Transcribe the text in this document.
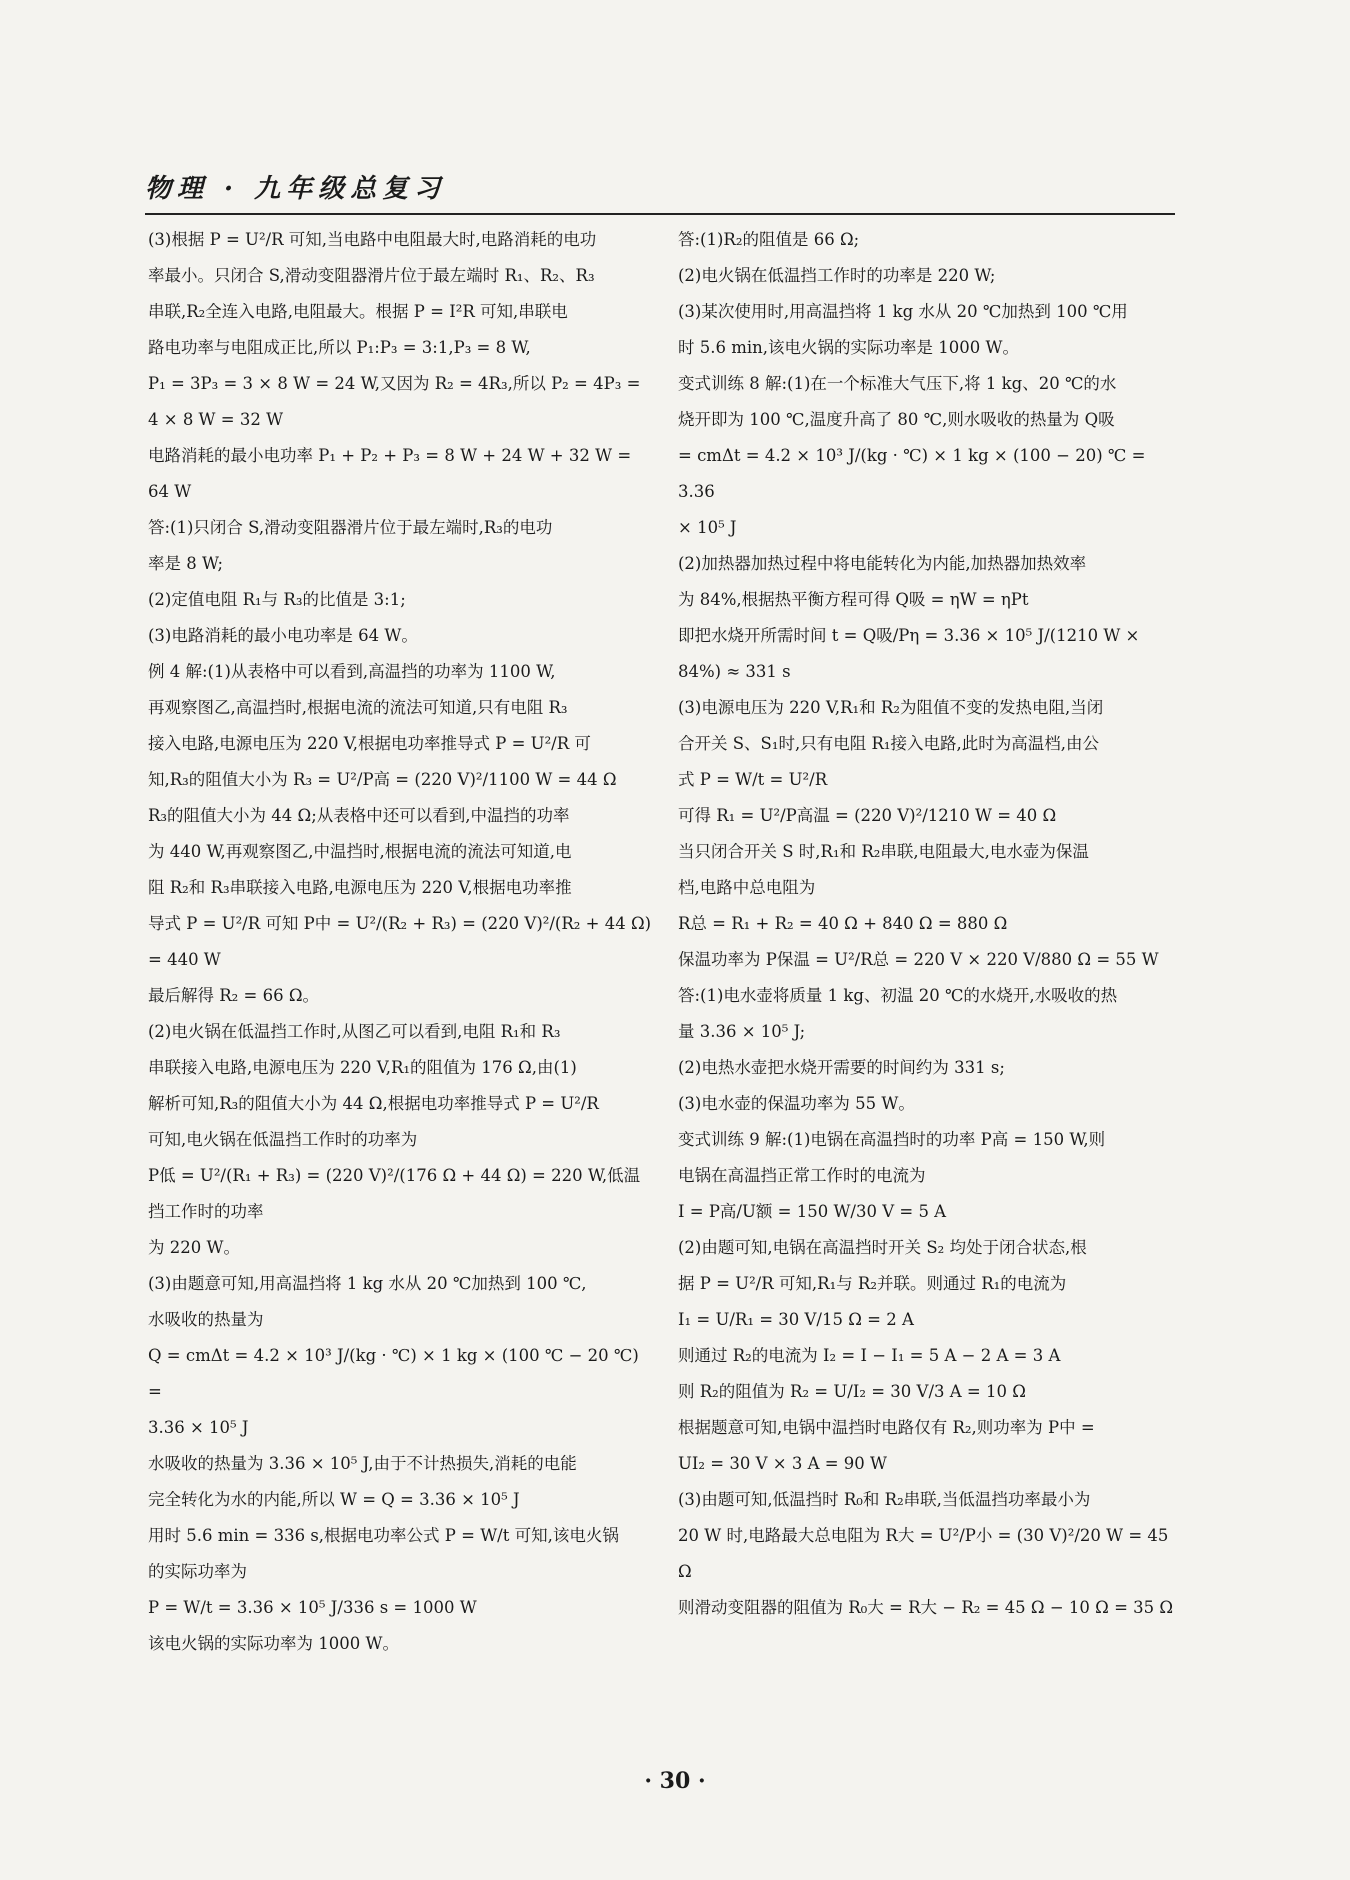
物理 · 九年级总复习

(3)根据 P = U²/R 可知,当电路中电阻最大时,电路消耗的电功

率最小。只闭合 S,滑动变阻器滑片位于最左端时 R₁、R₂、R₃

串联,R₂全连入电路,电阻最大。根据 P = I²R 可知,串联电

路电功率与电阻成正比,所以 P₁:P₃ = 3:1,P₃ = 8 W,

P₁ = 3P₃ = 3 × 8 W = 24 W,又因为 R₂ = 4R₃,所以 P₂ = 4P₃ =

4 × 8 W = 32 W

电路消耗的最小电功率 P₁ + P₂ + P₃ = 8 W + 24 W + 32 W =

64 W

答:(1)只闭合 S,滑动变阻器滑片位于最左端时,R₃的电功

率是 8 W;

(2)定值电阻 R₁与 R₃的比值是 3:1;

(3)电路消耗的最小电功率是 64 W。

例 4 解:(1)从表格中可以看到,高温挡的功率为 1100 W,

再观察图乙,高温挡时,根据电流的流法可知道,只有电阻 R₃

接入电路,电源电压为 220 V,根据电功率推导式 P = U²/R 可

知,R₃的阻值大小为 R₃ = U²/P高 = (220 V)²/1100 W = 44 Ω

R₃的阻值大小为 44 Ω;从表格中还可以看到,中温挡的功率

为 440 W,再观察图乙,中温挡时,根据电流的流法可知道,电

阻 R₂和 R₃串联接入电路,电源电压为 220 V,根据电功率推

导式 P = U²/R 可知 P中 = U²/(R₂ + R₃) = (220 V)²/(R₂ + 44 Ω) = 440 W

最后解得 R₂ = 66 Ω。

(2)电火锅在低温挡工作时,从图乙可以看到,电阻 R₁和 R₃

串联接入电路,电源电压为 220 V,R₁的阻值为 176 Ω,由(1)

解析可知,R₃的阻值大小为 44 Ω,根据电功率推导式 P = U²/R

可知,电火锅在低温挡工作时的功率为

P低 = U²/(R₁ + R₃) = (220 V)²/(176 Ω + 44 Ω) = 220 W,低温挡工作时的功率

为 220 W。

(3)由题意可知,用高温挡将 1 kg 水从 20 ℃加热到 100 ℃,

水吸收的热量为

Q = cmΔt = 4.2 × 10³ J/(kg · ℃) × 1 kg × (100 ℃ − 20 ℃) =

3.36 × 10⁵ J

水吸收的热量为 3.36 × 10⁵ J,由于不计热损失,消耗的电能

完全转化为水的内能,所以 W = Q = 3.36 × 10⁵ J

用时 5.6 min = 336 s,根据电功率公式 P = W/t 可知,该电火锅

的实际功率为

P = W/t = 3.36 × 10⁵ J/336 s = 1000 W

该电火锅的实际功率为 1000 W。

答:(1)R₂的阻值是 66 Ω;

(2)电火锅在低温挡工作时的功率是 220 W;

(3)某次使用时,用高温挡将 1 kg 水从 20 ℃加热到 100 ℃用

时 5.6 min,该电火锅的实际功率是 1000 W。

变式训练 8 解:(1)在一个标准大气压下,将 1 kg、20 ℃的水

烧开即为 100 ℃,温度升高了 80 ℃,则水吸收的热量为 Q吸

= cmΔt = 4.2 × 10³ J/(kg · ℃) × 1 kg × (100 − 20) ℃ = 3.36

× 10⁵ J

(2)加热器加热过程中将电能转化为内能,加热器加热效率

为 84%,根据热平衡方程可得 Q吸 = ηW = ηPt

即把水烧开所需时间 t = Q吸/Pη = 3.36 × 10⁵ J/(1210 W × 84%) ≈ 331 s

(3)电源电压为 220 V,R₁和 R₂为阻值不变的发热电阻,当闭

合开关 S、S₁时,只有电阻 R₁接入电路,此时为高温档,由公

式 P = W/t = U²/R

可得 R₁ = U²/P高温 = (220 V)²/1210 W = 40 Ω

当只闭合开关 S 时,R₁和 R₂串联,电阻最大,电水壶为保温

档,电路中总电阻为

R总 = R₁ + R₂ = 40 Ω + 840 Ω = 880 Ω

保温功率为 P保温 = U²/R总 = 220 V × 220 V/880 Ω = 55 W

答:(1)电水壶将质量 1 kg、初温 20 ℃的水烧开,水吸收的热

量 3.36 × 10⁵ J;

(2)电热水壶把水烧开需要的时间约为 331 s;

(3)电水壶的保温功率为 55 W。

变式训练 9 解:(1)电锅在高温挡时的功率 P高 = 150 W,则

电锅在高温挡正常工作时的电流为

I = P高/U额 = 150 W/30 V = 5 A

(2)由题可知,电锅在高温挡时开关 S₂ 均处于闭合状态,根

据 P = U²/R 可知,R₁与 R₂并联。则通过 R₁的电流为

I₁ = U/R₁ = 30 V/15 Ω = 2 A

则通过 R₂的电流为 I₂ = I − I₁ = 5 A − 2 A = 3 A

则 R₂的阻值为 R₂ = U/I₂ = 30 V/3 A = 10 Ω

根据题意可知,电锅中温挡时电路仅有 R₂,则功率为 P中 =

UI₂ = 30 V × 3 A = 90 W

(3)由题可知,低温挡时 R₀和 R₂串联,当低温挡功率最小为

20 W 时,电路最大总电阻为 R大 = U²/P小 = (30 V)²/20 W = 45 Ω

则滑动变阻器的阻值为 R₀大 = R大 − R₂ = 45 Ω − 10 Ω = 35 Ω

· 30 ·
